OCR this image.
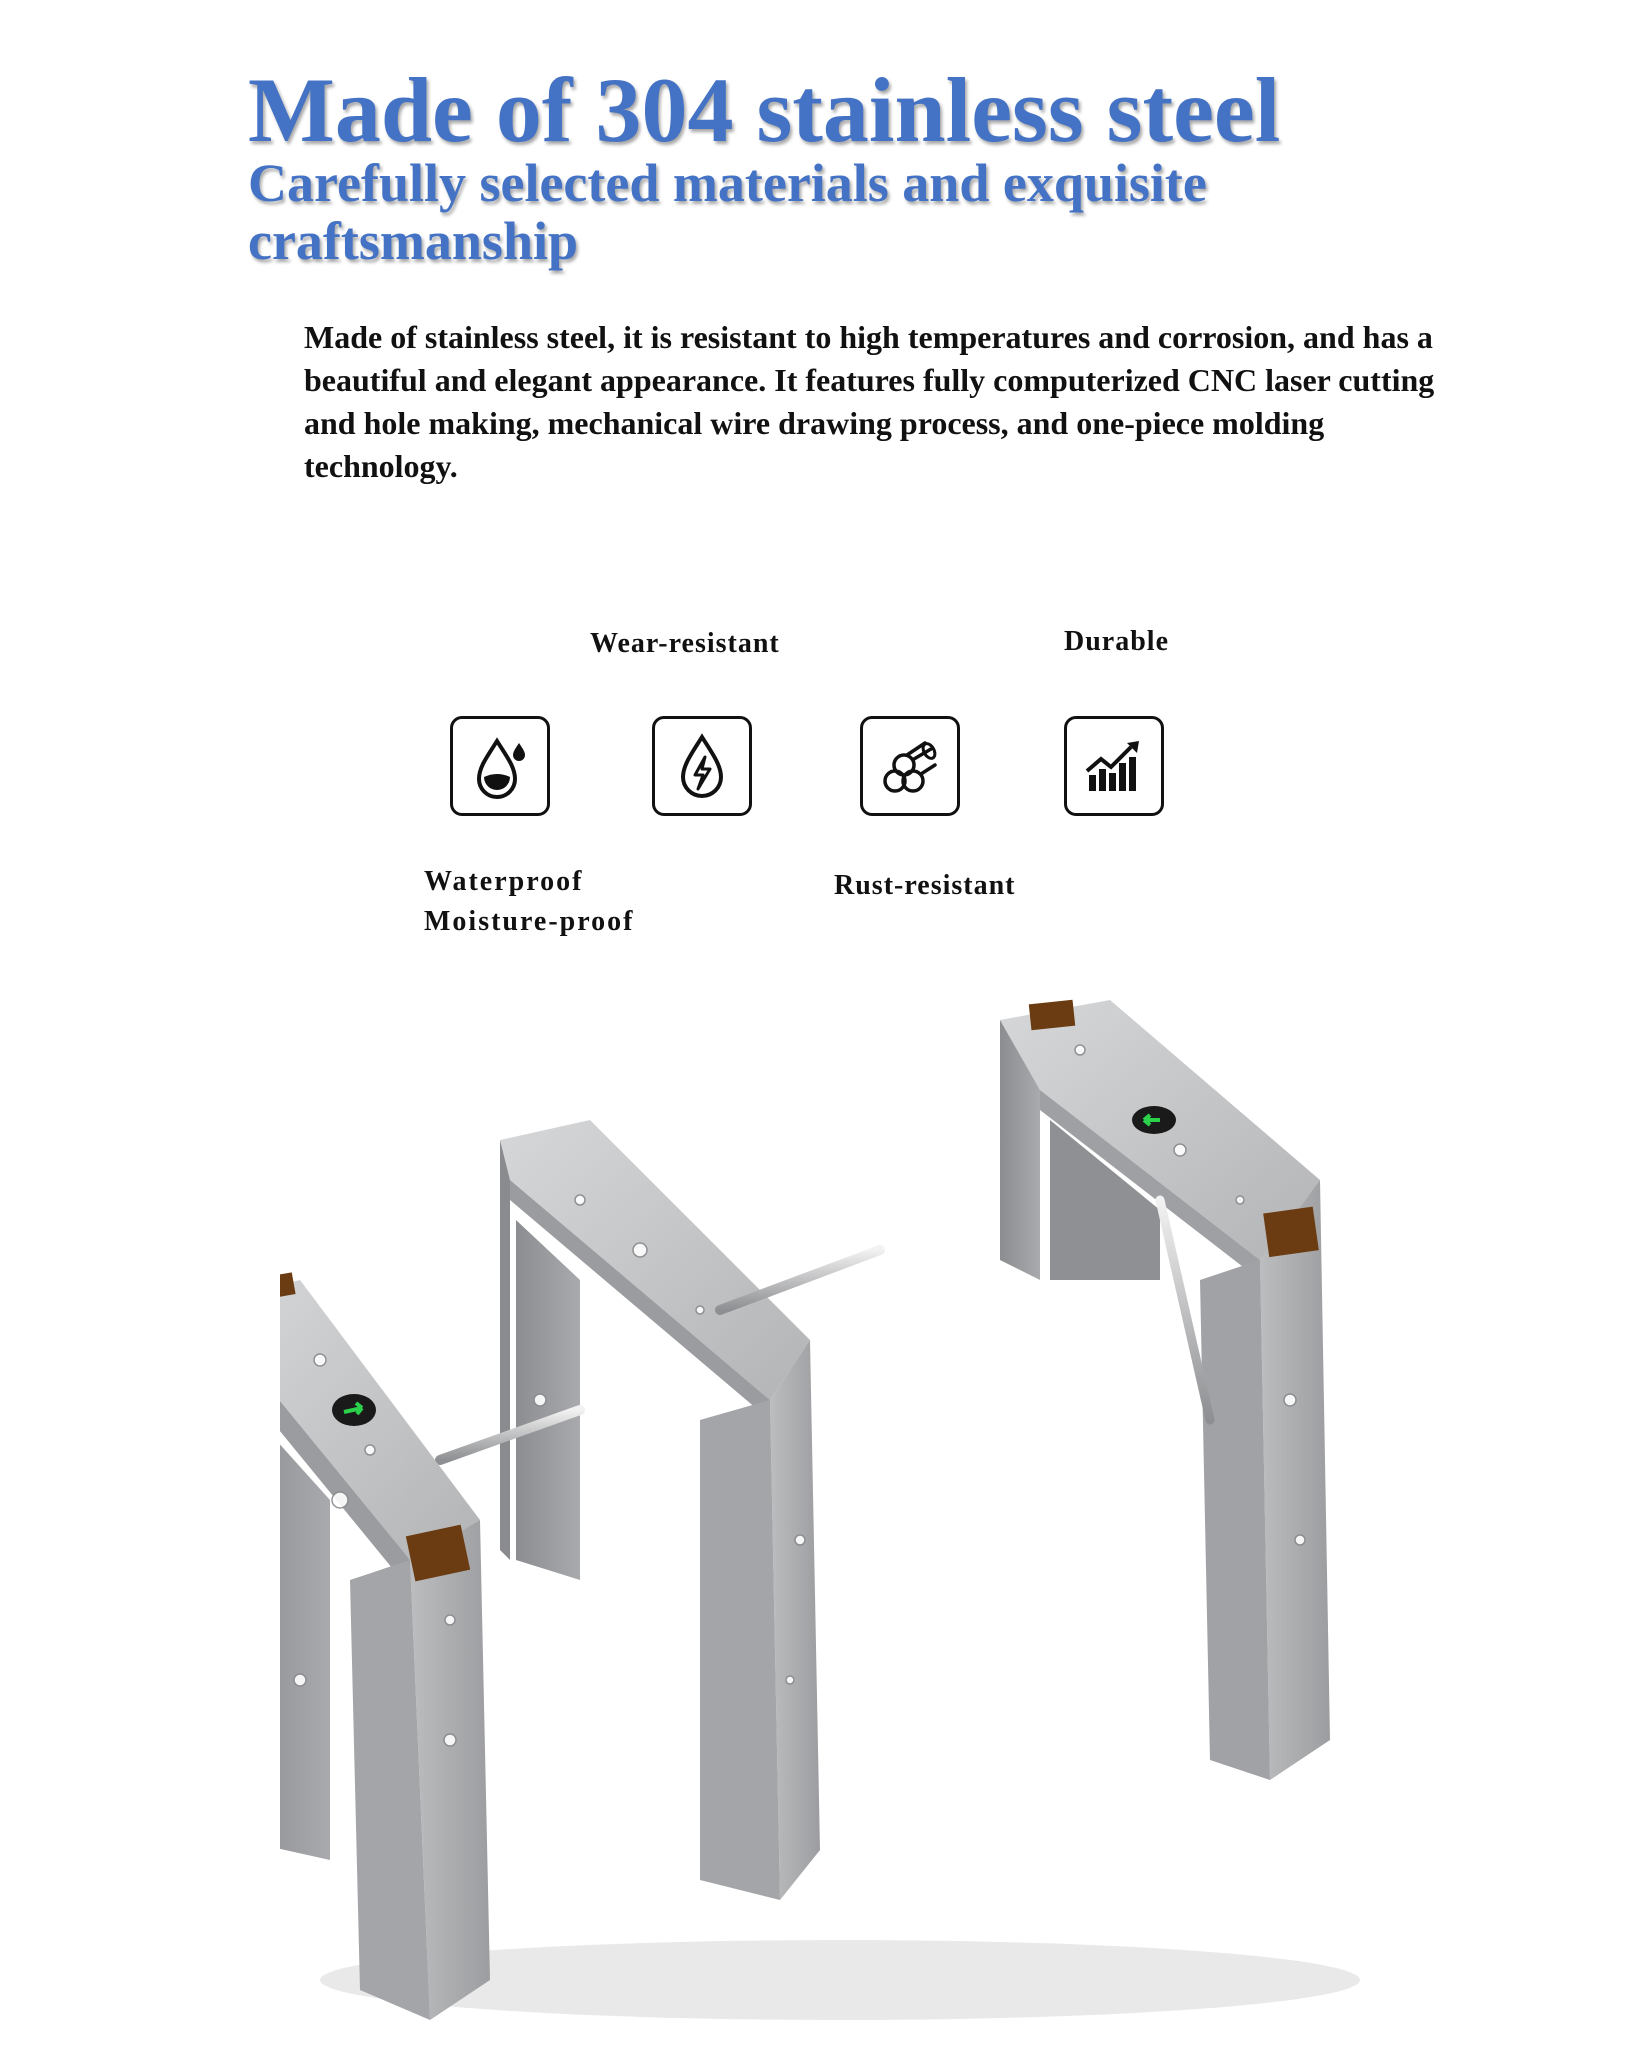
Made of 304 stainless steel
Carefully selected materials and exquisite craftsmanship

Made of stainless steel, it is resistant to high temperatures and corrosion, and has a beautiful and elegant appearance. It features fully computerized CNC laser cutting and hole making, mechanical wire drawing process, and one-piece molding technology.

Wear-resistant	Durable

Waterproof
Moisture-proof

Rust-resistant
